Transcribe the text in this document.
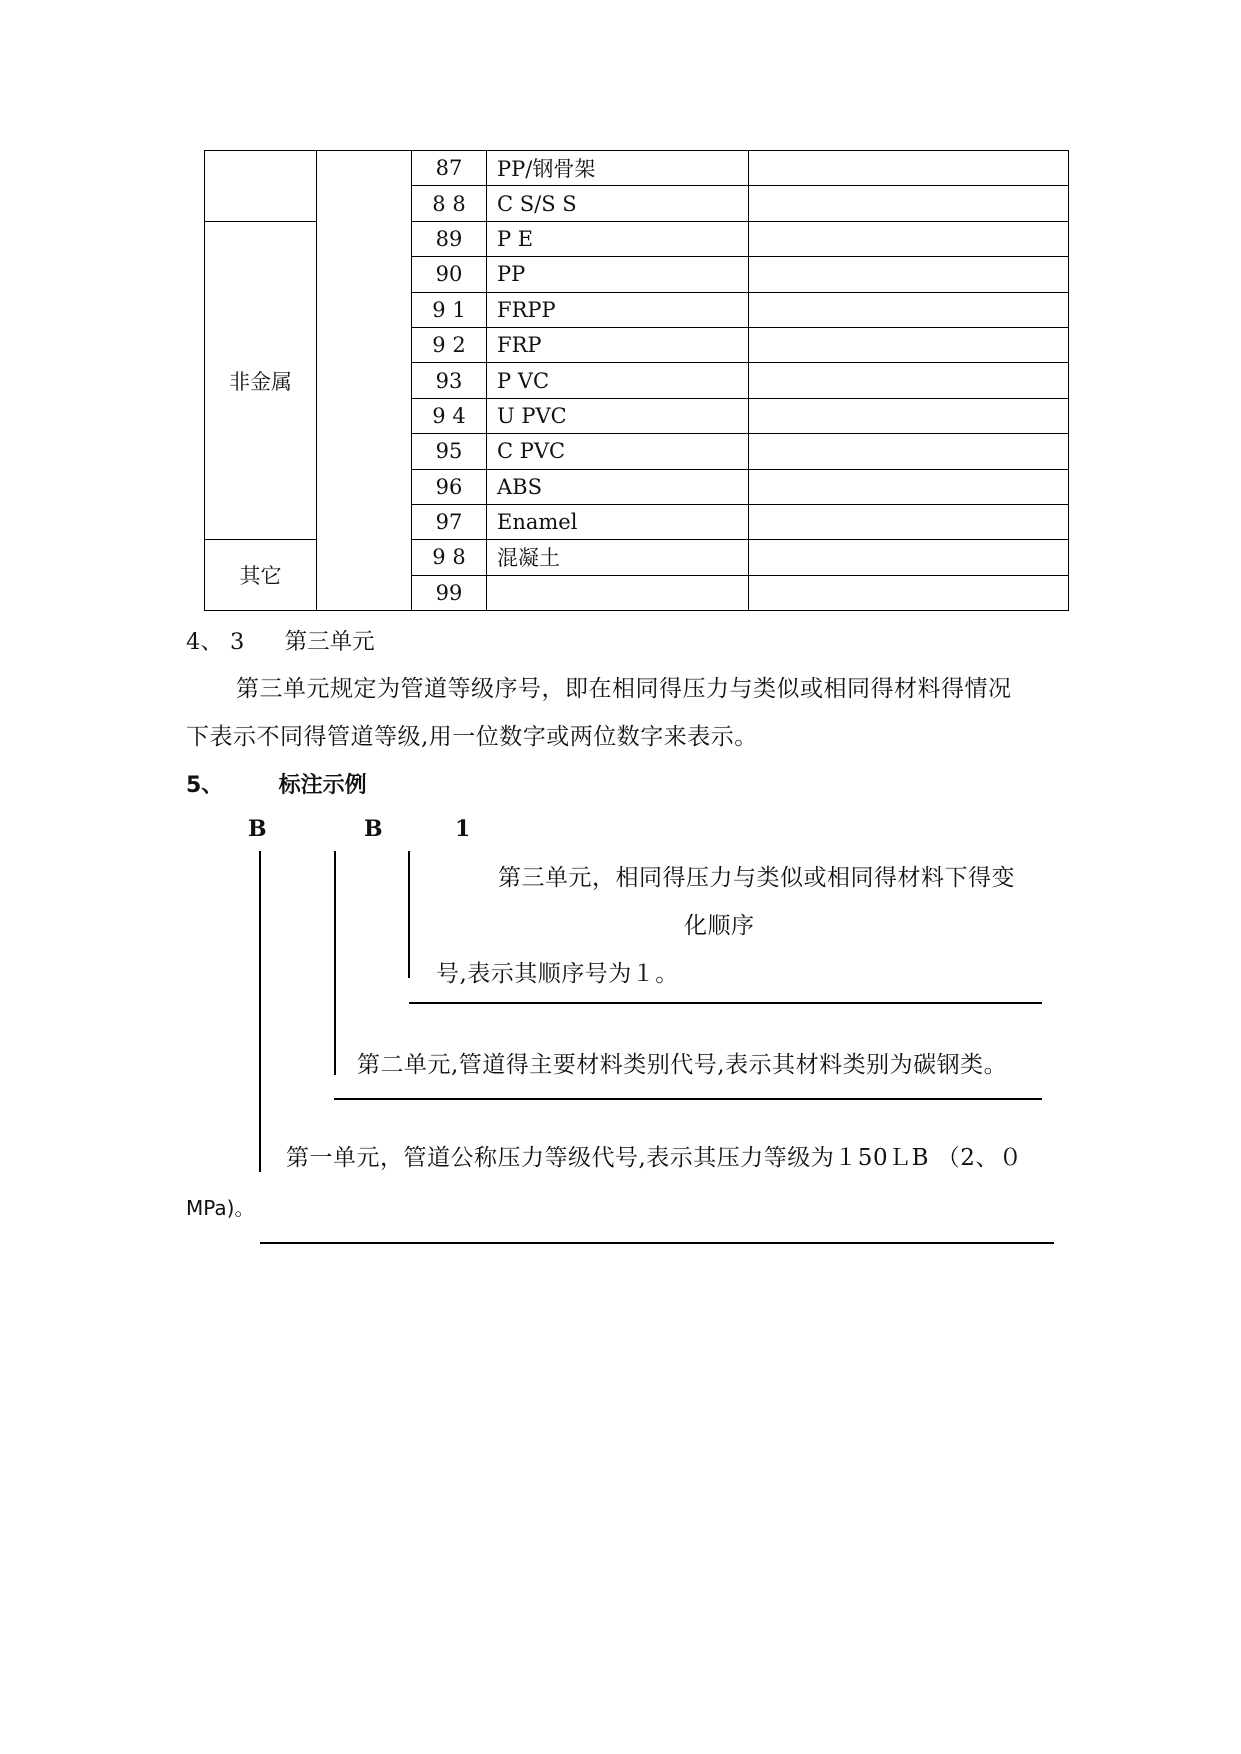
		87	PP/钢骨架	
		8 8	C S/S S	
非金属		89	P E	
		90	PP	
		9 1	FRPP	
		9 2	FRP	
		93	P VC	
		9 4	U PVC	
		95	C PVC	
		96	ABS	
		97	Enamel	
其它		9 8	混凝土	
		99		
4、 3 第三单元
第三单元规定为管道等级序号，即在相同得压力与类似或相同得材料得情况
下表示不同得管道等级,用一位数字或两位数字来表示。
5、	标注示例
B	B	1
第三单元，相同得压力与类似或相同得材料下得变
化顺序
号,表示其顺序号为１。
第二单元,管道得主要材料类别代号,表示其材料类别为碳钢类。
第一单元，管道公称压力等级代号,表示其压力等级为１50ＬB （2、０
MPa)。
